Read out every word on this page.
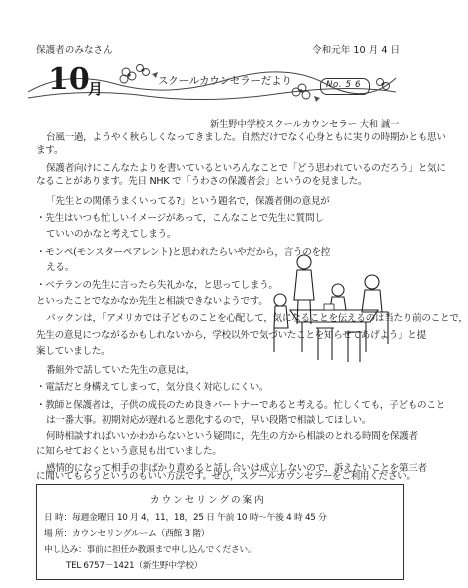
保護者のみなさん	令和元年 10 月 4 日
10
月	スクールカウンセラーだより	No. 5 6
新生野中学校スクールカウンセラー 大和 誠一
台風一過，ようやく秋らしくなってきました。自然だけでなく心身ともに実りの時期かとも思い
ます。
保護者向けにこんなたよりを書いているといろんなことで「どう思われているのだろう」と気に
なることがあります。先日 NHK で「うわさの保護者会」というのを見ました。
「先生との関係うまくいってる?」という題名で，保護者側の意見が
・先生はいつも忙しいイメージがあって，こんなことで先生に質問し
ていいのかなと考えてしまう。
・モンペ(モンスターペアレント)と思われたらいやだから，言うのを控
える。
・ベテランの先生に言ったら失礼かな，と思ってしまう。
といったことでなかなか先生と相談できないようです。
パックンは，「アメリカでは子どものことを心配して，気になることを伝えるのは当たり前のことで，
先生の意見につながるかもしれないから，学校以外で気づいたことを知らせてあげよう」と提
案していました。
番組外で話していた先生の意見は，
・電話だと身構えてしまって，気分良く対応しにくい。
・教師と保護者は，子供の成長のため良きパートナーであると考える。忙しくても，子どものこと
は一番大事。初期対応が遅れると悪化するので，早い段階で相談してほしい。
何時相談すればいいかわからないという疑問に，先生の方から相談のとれる時間を保護者
に知らせておくという意見も出ていました。
感情的になって相手の非ばかり責めると話し合いは成立しないので，訴えたいことを第三者
に聞いてもらうというのもいい方法です。ぜひ，スクールカウンセラーをご利用ください。
カウンセリングの案内
日 時：毎週金曜日 10 月 4，11，18，25 日 午前 10 時～午後 4 時 45 分
場 所：カウンセリングルーム（西館 3 階）
申し込み：事前に担任か教頭まで申し込んでください。
TEL 6757－1421（新生野中学校）
